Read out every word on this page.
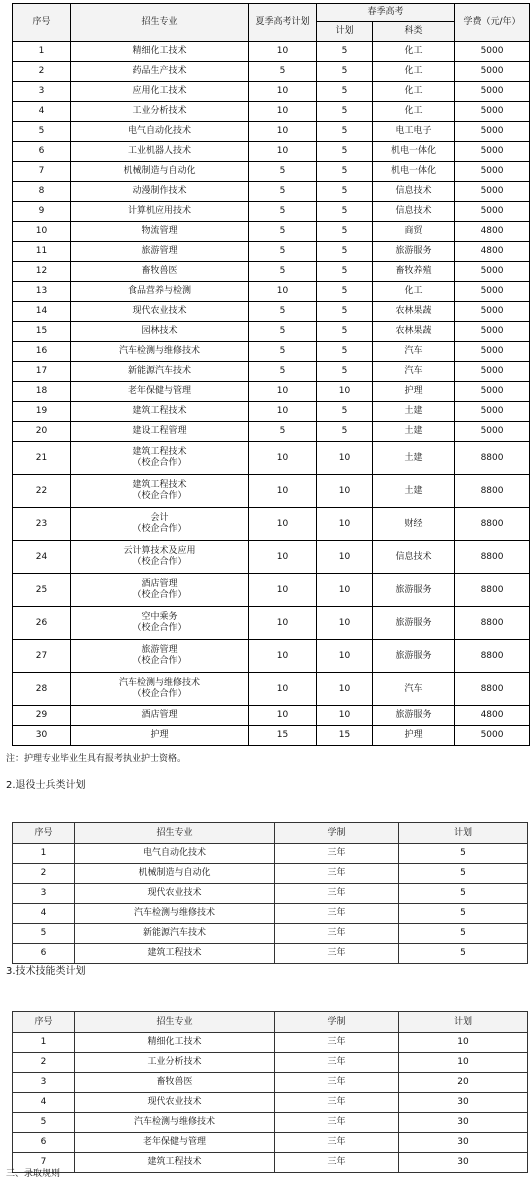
序号	招生专业	夏季高考计划	春季高考		学费（元/年）
			计划	科类	
1	精细化工技术	10	5	化工	5000
2	药品生产技术	5	5	化工	5000
3	应用化工技术	10	5	化工	5000
4	工业分析技术	10	5	化工	5000
5	电气自动化技术	10	5	电工电子	5000
6	工业机器人技术	10	5	机电一体化	5000
7	机械制造与自动化	5	5	机电一体化	5000
8	动漫制作技术	5	5	信息技术	5000
9	计算机应用技术	5	5	信息技术	5000
10	物流管理	5	5	商贸	4800
11	旅游管理	5	5	旅游服务	4800
12	畜牧兽医	5	5	畜牧养殖	5000
13	食品营养与检测	10	5	化工	5000
14	现代农业技术	5	5	农林果蔬	5000
15	园林技术	5	5	农林果蔬	5000
16	汽车检测与维修技术	5	5	汽车	5000
17	新能源汽车技术	5	5	汽车	5000
18	老年保健与管理	10	10	护理	5000
19	建筑工程技术	10	5	土建	5000
20	建设工程管理	5	5	土建	5000
21	建筑工程技术
（校企合作）	10	10	土建	8800
22	建筑工程技术
（校企合作）	10	10	土建	8800
23	会计
（校企合作）	10	10	财经	8800
24	云计算技术及应用
（校企合作）	10	10	信息技术	8800
25	酒店管理
（校企合作）	10	10	旅游服务	8800
26	空中乘务
（校企合作）	10	10	旅游服务	8800
27	旅游管理
（校企合作）	10	10	旅游服务	8800
28	汽车检测与维修技术
（校企合作）	10	10	汽车	8800
29	酒店管理	10	10	旅游服务	4800
30	护理	15	15	护理	5000
注：护理专业毕业生具有报考执业护士资格。
2.退役士兵类计划
序号	招生专业	学制	计划
1	电气自动化技术	三年	5
2	机械制造与自动化	三年	5
3	现代农业技术	三年	5
4	汽车检测与维修技术	三年	5
5	新能源汽车技术	三年	5
6	建筑工程技术	三年	5
3.技术技能类计划
序号	招生专业	学制	计划
1	精细化工技术	三年	10
2	工业分析技术	三年	10
3	畜牧兽医	三年	20
4	现代农业技术	三年	30
5	汽车检测与维修技术	三年	30
6	老年保健与管理	三年	30
7	建筑工程技术	三年	30
三、录取规则
